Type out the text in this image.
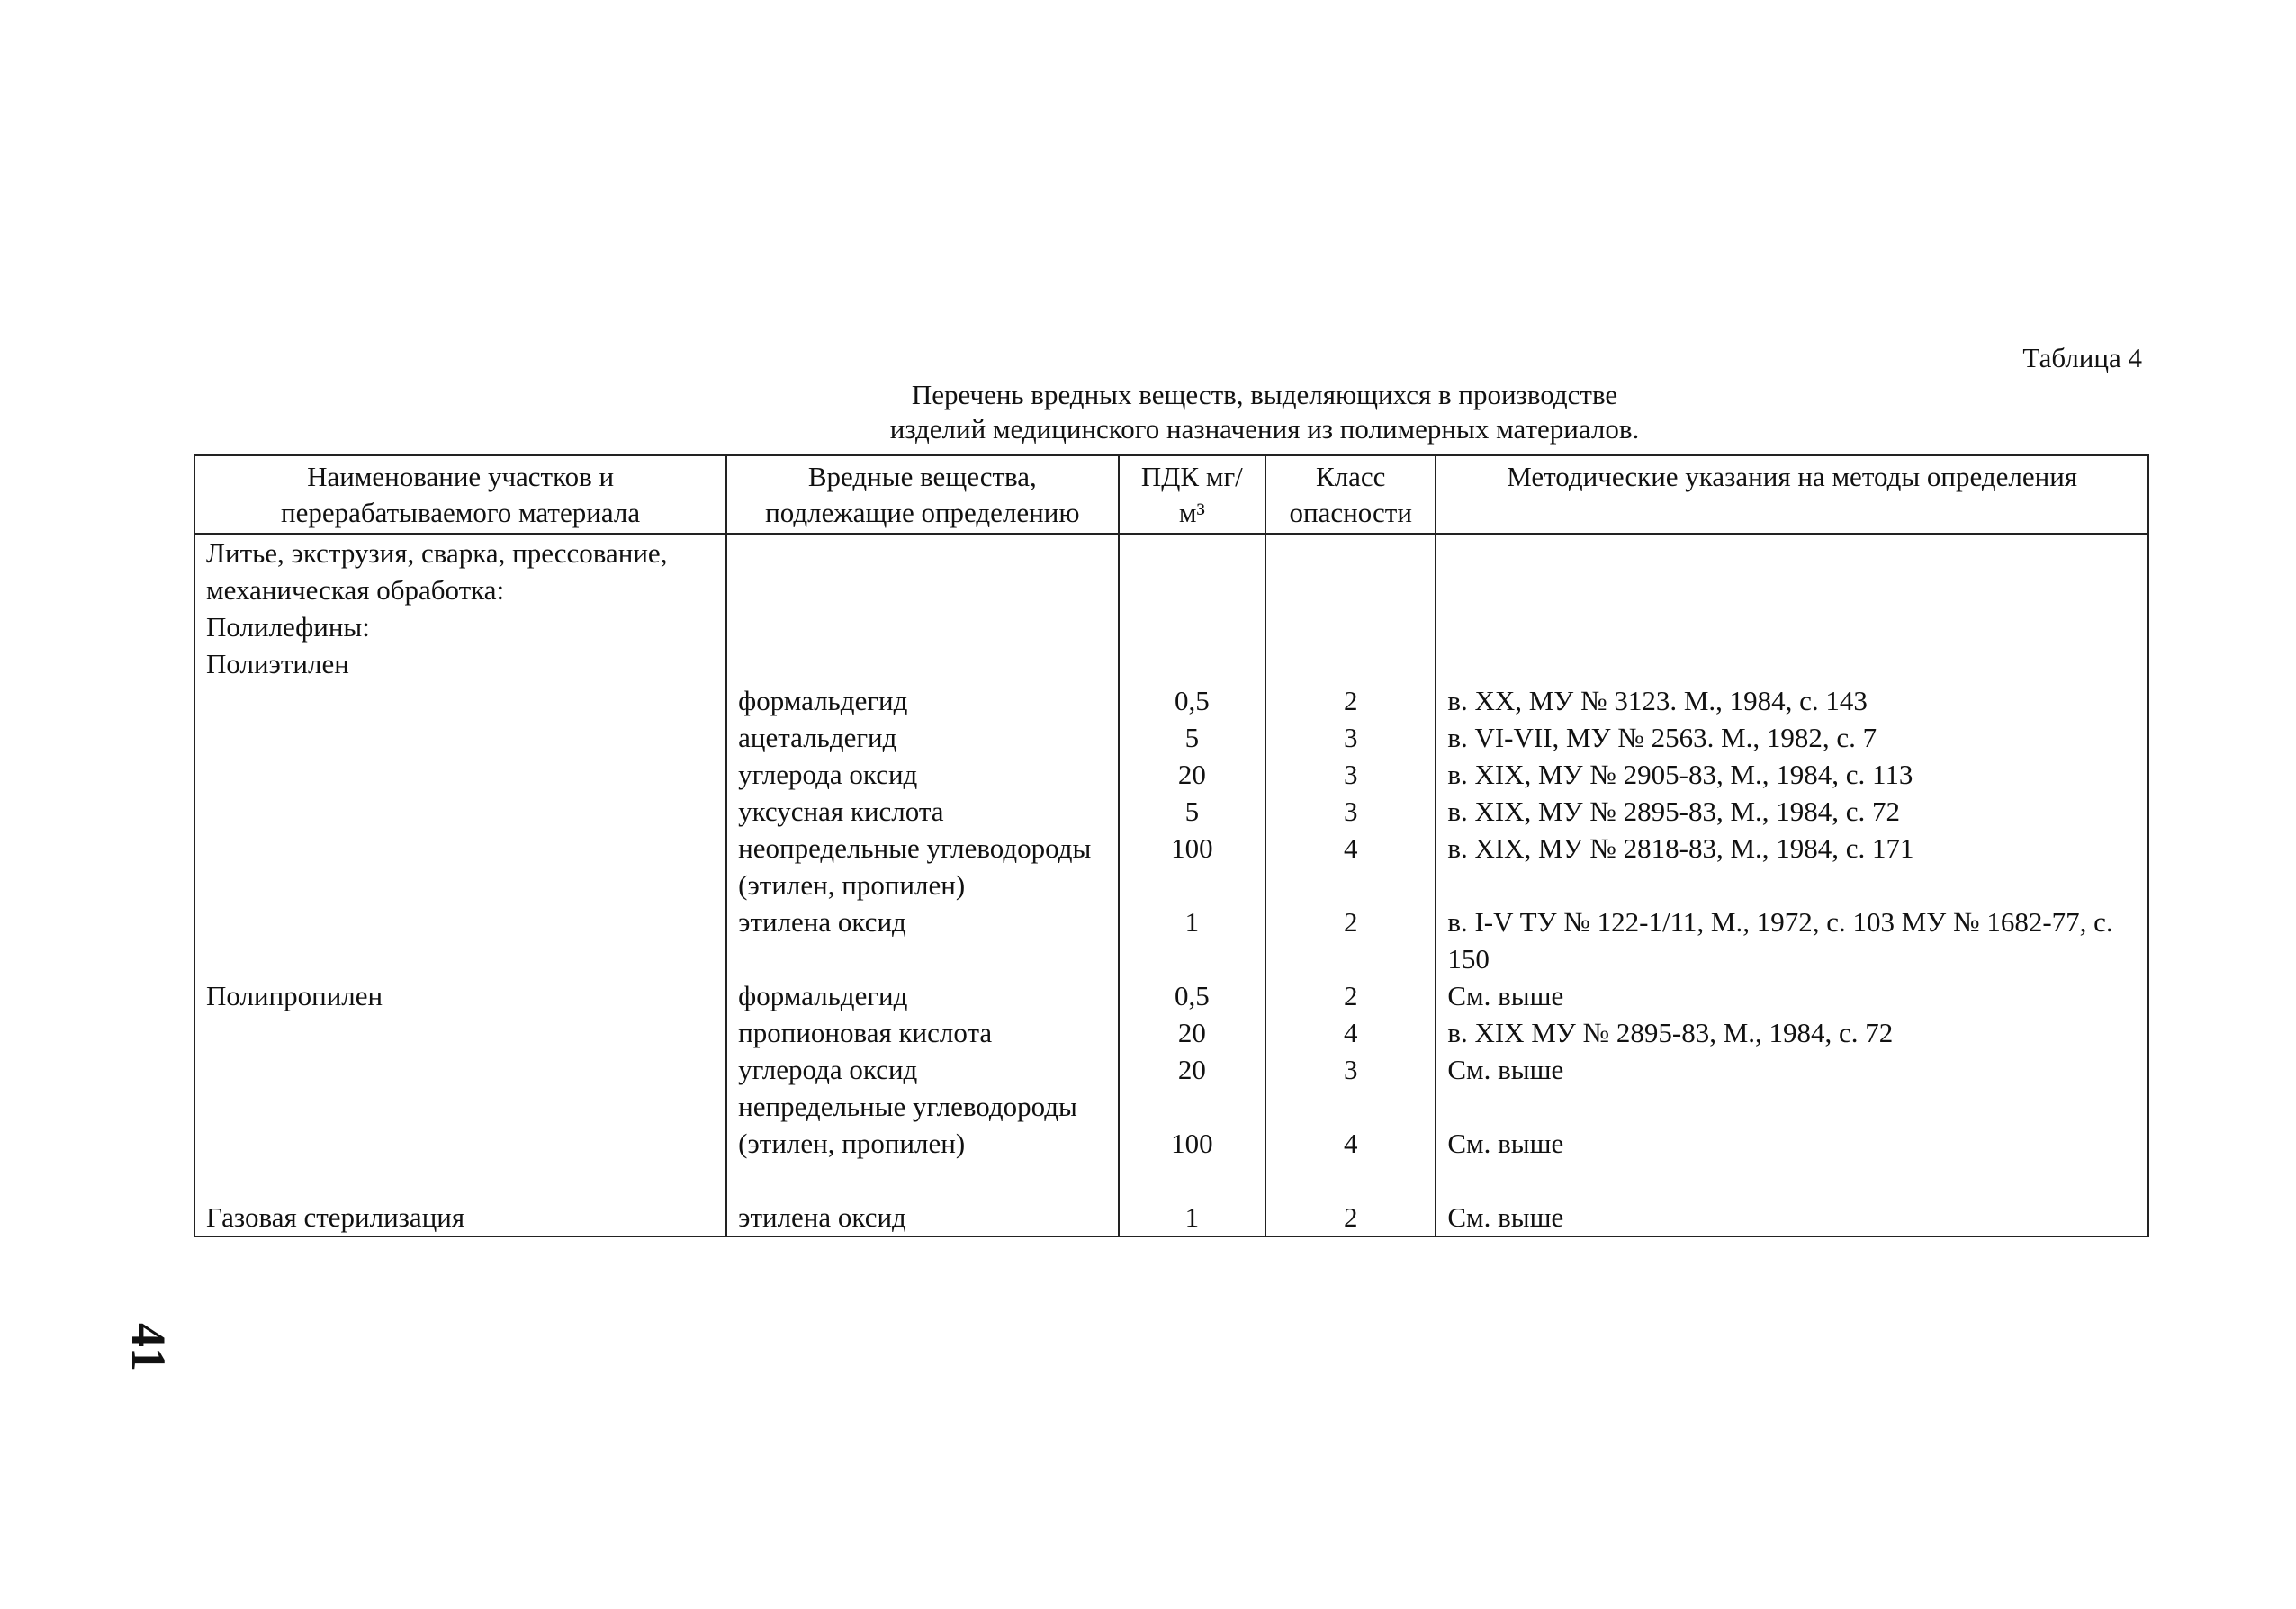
Таблица 4
Перечень вредных веществ, выделяющихся в производстве
изделий медицинского назначения из полимерных материалов.
Наименование участков и перерабатываемого материала	Вредные вещества, подлежащие определению	ПДК мг/м³	Класс опасности	Методические указания на методы определения
Литье, экструзия, сварка, прессование, механическая обработка:				
Полилефины:				
Полиэтилен				
	формальдегид	0,5	2	в. XX, МУ № 3123. М., 1984, с. 143
	ацетальдегид	5	3	в. VI-VII, МУ № 2563. М., 1982, с. 7
	углерода оксид	20	3	в. XIX, МУ № 2905-83, М., 1984, с. 113
	уксусная кислота	5	3	в. XIX, МУ № 2895-83, М., 1984, с. 72
	неопредельные углеводороды (этилен, пропилен)	100	4	в. XIX, МУ № 2818-83, М., 1984, с. 171
	этилена оксид	1	2	в. I-V ТУ № 122-1/11, М., 1972, с. 103 МУ № 1682-77, с. 150
Полипропилен	формальдегид	0,5	2	См. выше
	пропионовая кислота	20	4	в. XIX МУ № 2895-83, М., 1984, с. 72
	углерода оксид	20	3	См. выше
	непредельные углеводороды (этилен, пропилен)	100	4	См. выше

Газовая стерилизация	этилена оксид	1	2	См. выше
41
